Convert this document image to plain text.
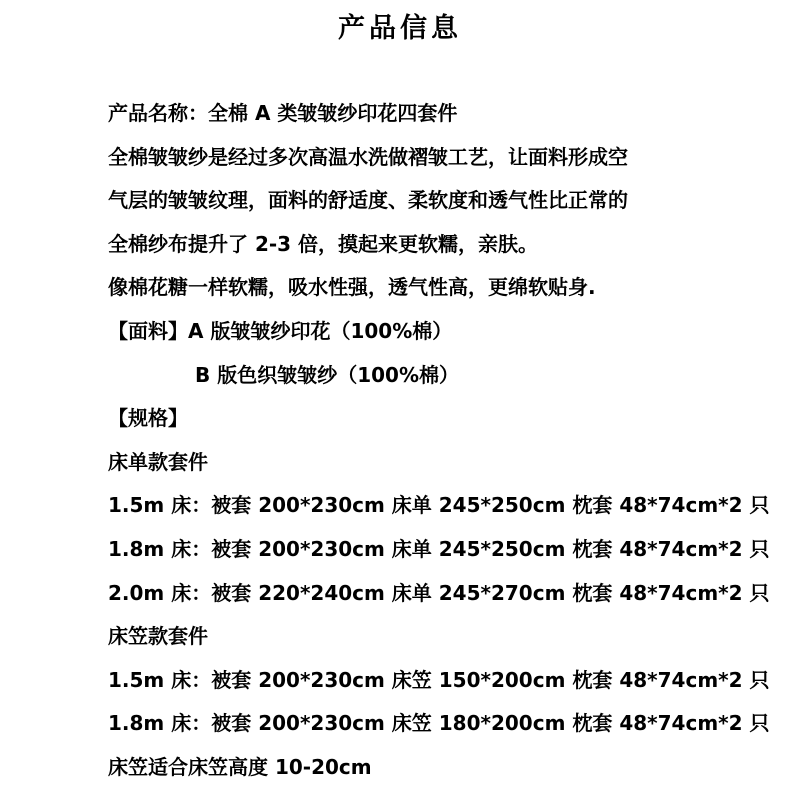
产品信息
产品名称：全棉 A 类皱皱纱印花四套件
全棉皱皱纱是经过多次高温水洗做褶皱工艺，让面料形成空
气层的皱皱纹理，面料的舒适度、柔软度和透气性比正常的
全棉纱布提升了 2-3 倍，摸起来更软糯，亲肤。
像棉花糖一样软糯，吸水性强，透气性高，更绵软贴身.
【面料】A 版皱皱纱印花（100%棉）
B 版色织皱皱纱（100%棉）
【规格】
床单款套件
1.5m 床：被套 200*230cm 床单 245*250cm 枕套 48*74cm*2 只
1.8m 床：被套 200*230cm 床单 245*250cm 枕套 48*74cm*2 只
2.0m 床：被套 220*240cm 床单 245*270cm 枕套 48*74cm*2 只
床笠款套件
1.5m 床：被套 200*230cm 床笠 150*200cm 枕套 48*74cm*2 只
1.8m 床：被套 200*230cm 床笠 180*200cm 枕套 48*74cm*2 只
床笠适合床笠高度 10-20cm
